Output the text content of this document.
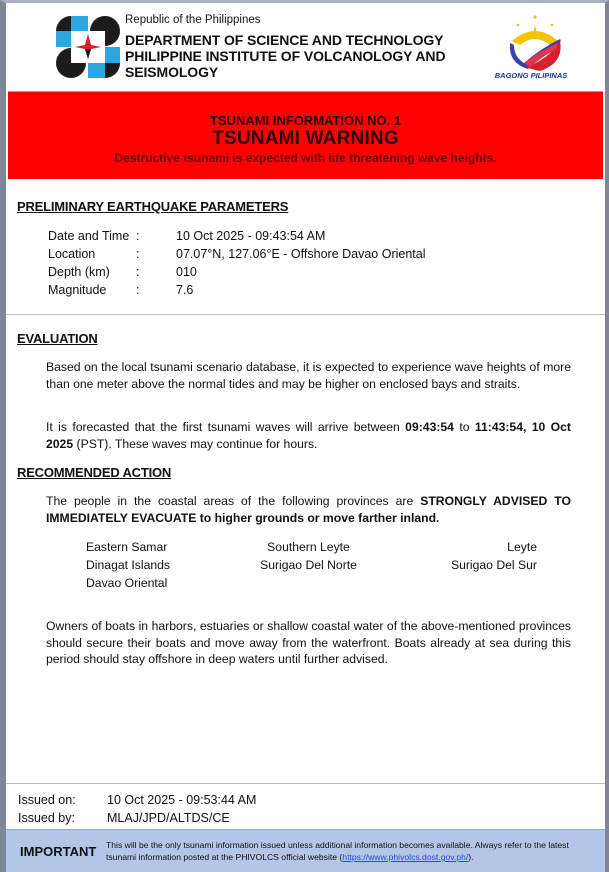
Republic of the Philippines
DEPARTMENT OF SCIENCE AND TECHNOLOGY
PHILIPPINE INSTITUTE OF VOLCANOLOGY AND
SEISMOLOGY	BAGONG PILIPINAS
TSUNAMI INFORMATION NO. 1
TSUNAMI WARNING
Destructive tsunami is expected with life threatening wave heights.
PRELIMINARY EARTHQUAKE PARAMETERS
Date and Time :	10 Oct 2025 - 09:43:54 AM
Location	:	07.07°N, 127.06°E - Offshore Davao Oriental
Depth (km)	:	010
Magnitude	:	7.6
EVALUATION
Based on the local tsunami scenario database, it is expected to experience wave heights of more than one meter above the normal tides and may be higher on enclosed bays and straits.
It is forecasted that the first tsunami waves will arrive between 09:43:54 to 11:43:54, 10 Oct 2025 (PST). These waves may continue for hours.
RECOMMENDED ACTION
The people in the coastal areas of the following provinces are STRONGLY ADVISED TO IMMEDIATELY EVACUATE to higher grounds or move farther inland.
Eastern Samar	Southern Leyte	Leyte
Dinagat Islands	Surigao Del Norte	Surigao Del Sur
Davao Oriental
Owners of boats in harbors, estuaries or shallow coastal water of the above-mentioned provinces should secure their boats and move away from the waterfront. Boats already at sea during this period should stay offshore in deep waters until further advised.
Issued on:	10 Oct 2025 - 09:53:44 AM
Issued by:	MLAJ/JPD/ALTDS/CE
IMPORTANT This will be the only tsunami information issued unless additional information becomes available. Always refer to the latest tsunami information posted at the PHIVOLCS official website (https://www.phivolcs.dost.gov.ph/).
